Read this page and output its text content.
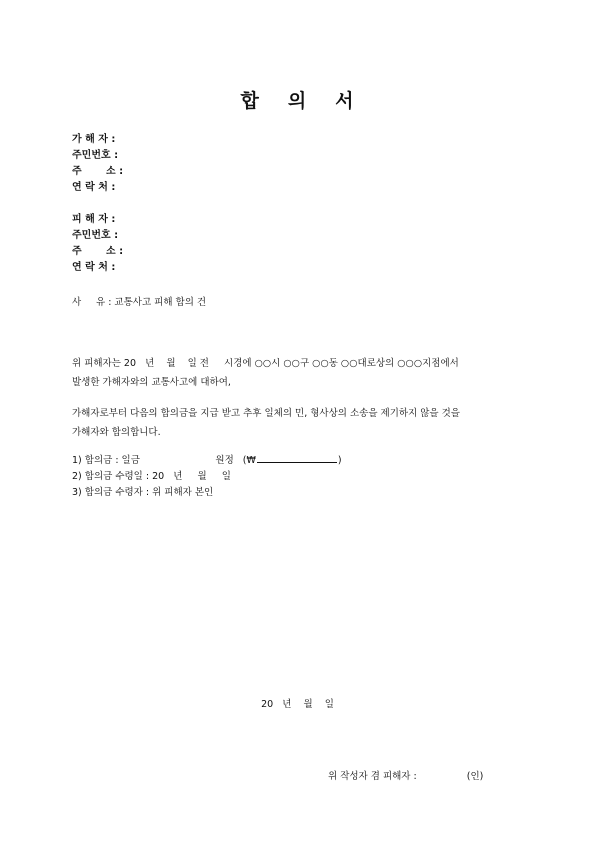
합 의 서
가 해 자 :
주민번호 :
주 소 :
연 락 처 :
피 해 자 :
주민번호 :
주 소 :
연 락 처 :
사 유 : 교통사고 피해 합의 건
위 피해자는 20   년    월    일 전     시경에 ○○시 ○○구 ○○동 ○○대로상의 ○○○지점에서
발생한 가해자와의 교통사고에 대하여,
가해자로부터 다음의 합의금을 지급 받고 추후 일체의 민, 형사상의 소송을 제기하지 않을 것을
가해자와 합의합니다.
1) 합의금 : 일금                         원정   (₩	)
2) 합의금 수령일 : 20   년     월     일
3) 합의금 수령자 : 위 피해자 본인
20   년    월    일
위 작성자 겸 피해자 :	(인)
